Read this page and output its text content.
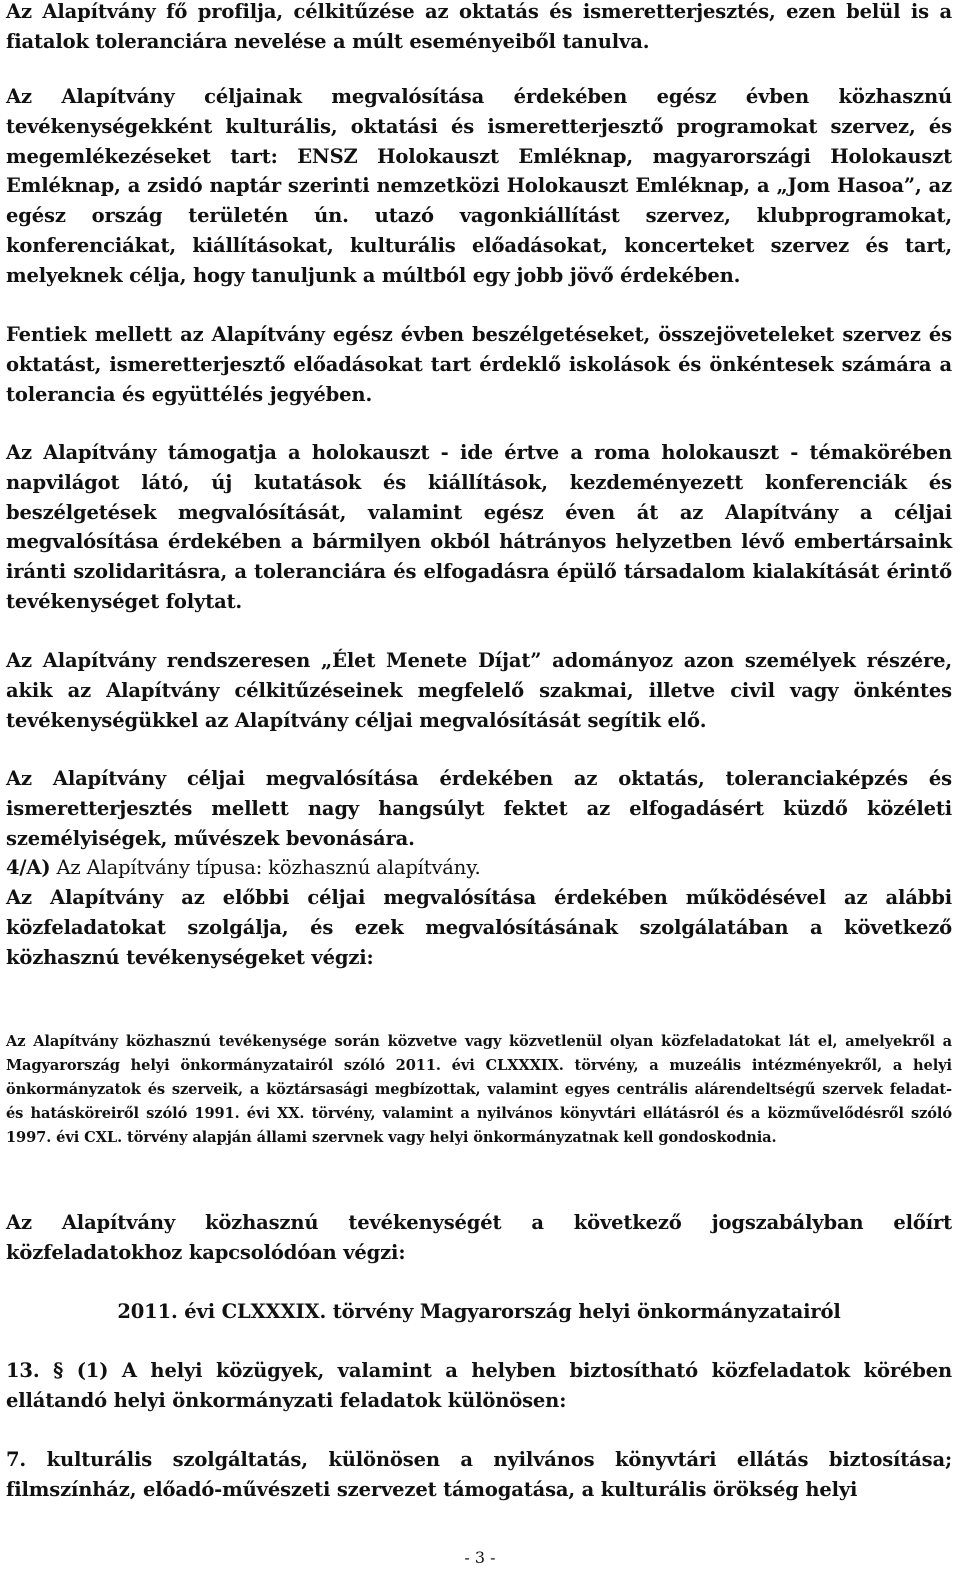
Az Alapítvány fő profilja, célkitűzése az oktatás és ismeretterjesztés, ezen belül is a fiatalok toleranciára nevelése a múlt eseményeiből tanulva.

Az Alapítvány céljainak megvalósítása érdekében egész évben közhasznú tevékenységekként kulturális, oktatási és ismeretterjesztő programokat szervez, és megemlékezéseket tart: ENSZ Holokauszt Emléknap, magyarországi Holokauszt Emléknap, a zsidó naptár szerinti nemzetközi Holokauszt Emléknap, a „Jom Hasoa”, az egész ország területén ún. utazó vagonkiállítást szervez, klubprogramokat, konferenciákat, kiállításokat, kulturális előadásokat, koncerteket szervez és tart, melyeknek célja, hogy tanuljunk a múltból egy jobb jövő érdekében.

Fentiek mellett az Alapítvány egész évben beszélgetéseket, összejöveteleket szervez és oktatást, ismeretterjesztő előadásokat tart érdeklő iskolások és önkéntesek számára a tolerancia és együttélés jegyében.

Az Alapítvány támogatja a holokauszt - ide értve a roma holokauszt - témakörében napvilágot látó, új kutatások és kiállítások, kezdeményezett konferenciák és beszélgetések megvalósítását, valamint egész éven át az Alapítvány a céljai megvalósítása érdekében a bármilyen okból hátrányos helyzetben lévő embertársaink iránti szolidaritásra, a toleranciára és elfogadásra épülő társadalom kialakítását érintő tevékenységet folytat.

Az Alapítvány rendszeresen „Élet Menete Díjat” adományoz azon személyek részére, akik az Alapítvány célkitűzéseinek megfelelő szakmai, illetve civil vagy önkéntes tevékenységükkel az Alapítvány céljai megvalósítását segítik elő.

Az Alapítvány céljai megvalósítása érdekében az oktatás, toleranciaképzés és ismeretterjesztés mellett nagy hangsúlyt fektet az elfogadásért küzdő közéleti személyiségek, művészek bevonására.

4/A) Az Alapítvány típusa: közhasznú alapítvány.

Az Alapítvány az előbbi céljai megvalósítása érdekében működésével az alábbi közfeladatokat szolgálja, és ezek megvalósításának szolgálatában a következő közhasznú tevékenységeket végzi:

Az Alapítvány közhasznú tevékenysége során közvetve vagy közvetlenül olyan közfeladatokat lát el, amelyekről a Magyarország helyi önkormányzatairól szóló 2011. évi CLXXXIX. törvény, a muzeális intézményekről, a helyi önkormányzatok és szerveik, a köztársasági megbízottak, valamint egyes centrális alárendeltségű szervek feladat- és hatásköreiről szóló 1991. évi XX. törvény, valamint a nyilvános könyvtári ellátásról és a közművelődésről szóló 1997. évi CXL. törvény alapján állami szervnek vagy helyi önkormányzatnak kell gondoskodnia.

Az Alapítvány közhasznú tevékenységét a következő jogszabályban előírt közfeladatokhoz kapcsolódóan végzi:

2011. évi CLXXXIX. törvény Magyarország helyi önkormányzatairól

13. § (1) A helyi közügyek, valamint a helyben biztosítható közfeladatok körében ellátandó helyi önkormányzati feladatok különösen:

7. kulturális szolgáltatás, különösen a nyilvános könyvtári ellátás biztosítása; filmszínház, előadó-művészeti szervezet támogatása, a kulturális örökség helyi

- 3 -
